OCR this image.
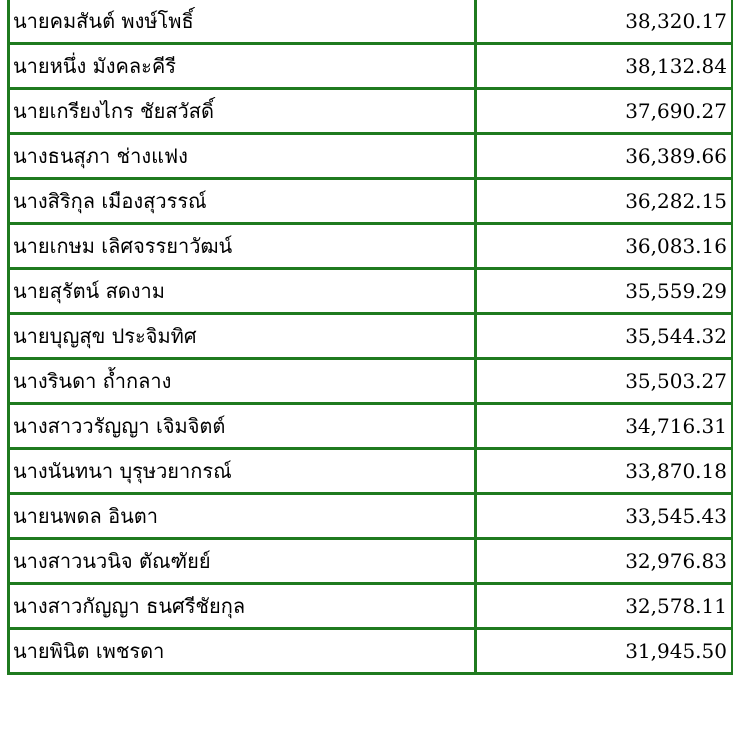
นายคมสันต์ พงษ์โพธิ์	38,320.17
นายหนึ่ง มังคละคีรี	38,132.84
นายเกรียงไกร ชัยสวัสดิ์	37,690.27
นางธนสุภา ช่างแฟง	36,389.66
นางสิริกุล เมืองสุวรรณ์	36,282.15
นายเกษม เลิศจรรยาวัฒน์	36,083.16
นายสุรัตน์ สดงาม	35,559.29
นายบุญสุข ประจิมทิศ	35,544.32
นางรินดา ถ้ำกลาง	35,503.27
นางสาววรัญญา เจิมจิตต์	34,716.31
นางนันทนา บุรุษวยากรณ์	33,870.18
นายนพดล อินตา	33,545.43
นางสาวนวนิจ ตัณฑัยย์	32,976.83
นางสาวกัญญา ธนศรีชัยกุล	32,578.11
นายพินิต เพชรดา	31,945.50
